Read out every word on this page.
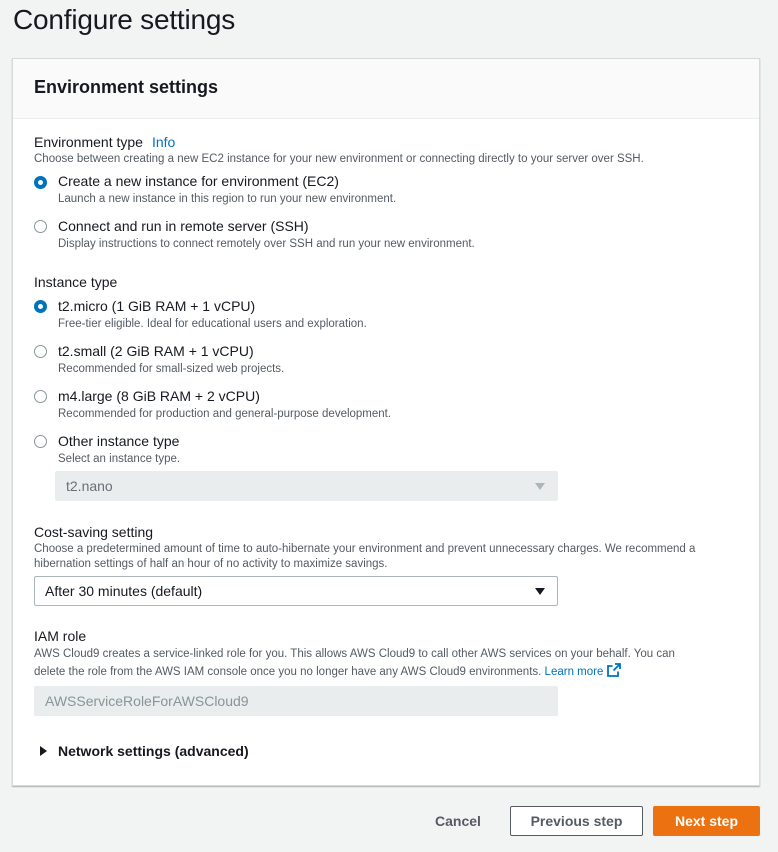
Configure settings
Environment settings
Environment type Info
Choose between creating a new EC2 instance for your new environment or connecting directly to your server over SSH.
Create a new instance for environment (EC2)
Launch a new instance in this region to run your new environment.
Connect and run in remote server (SSH)
Display instructions to connect remotely over SSH and run your new environment.
Instance type
t2.micro (1 GiB RAM + 1 vCPU)
Free-tier eligible. Ideal for educational users and exploration.
t2.small (2 GiB RAM + 1 vCPU)
Recommended for small-sized web projects.
m4.large (8 GiB RAM + 2 vCPU)
Recommended for production and general-purpose development.
Other instance type
Select an instance type.
t2.nano
Cost-saving setting
Choose a predetermined amount of time to auto-hibernate your environment and prevent unnecessary charges. We recommend a
hibernation settings of half an hour of no activity to maximize savings.
After 30 minutes (default)
IAM role
AWS Cloud9 creates a service-linked role for you. This allows AWS Cloud9 to call other AWS services on your behalf. You can
delete the role from the AWS IAM console once you no longer have any AWS Cloud9 environments. Learn more
AWSServiceRoleForAWSCloud9
Network settings (advanced)
Cancel	Previous step	Next step
